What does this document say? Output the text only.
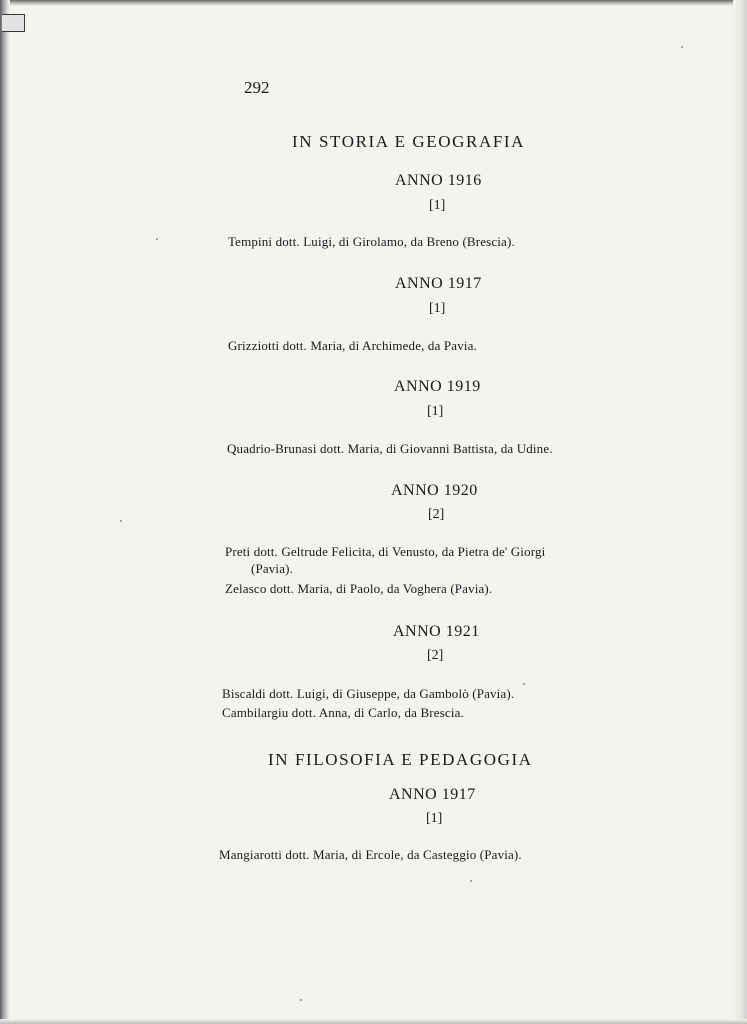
292
IN STORIA E GEOGRAFIA
ANNO 1916
[1]
Tempini dott. Luigi, di Girolamo, da Breno (Brescia).
ANNO 1917
[1]
Grizziotti dott. Maria, di Archimede, da Pavia.
ANNO 1919
[1]
Quadrio-Brunasi dott. Maria, di Giovanni Battista, da Udine.
ANNO 1920
[2]
Preti dott. Geltrude Felicita, di Venusto, da Pietra de' Giorgi
(Pavia).
Zelasco dott. Maria, di Paolo, da Voghera (Pavia).
ANNO 1921
[2]
Biscaldi dott. Luigi, di Giuseppe, da Gambolò (Pavia).
Cambilargiu dott. Anna, di Carlo, da Brescia.
IN FILOSOFIA E PEDAGOGIA
ANNO 1917
[1]
Mangiarotti dott. Maria, di Ercole, da Casteggio (Pavia).
